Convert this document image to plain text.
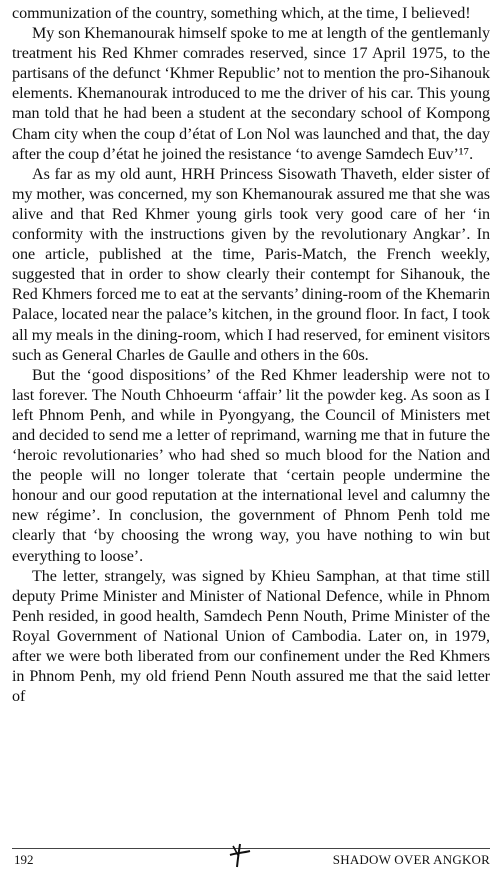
communization of the country, something which, at the time, I believed!

My son Khemanourak himself spoke to me at length of the gentlemanly treatment his Red Khmer comrades reserved, since 17 April 1975, to the partisans of the defunct ‘Khmer Republic’ not to mention the pro-Sihanouk elements. Khemanourak introduced to me the driver of his car. This young man told that he had been a student at the secondary school of Kompong Cham city when the coup d’état of Lon Nol was launched and that, the day after the coup d’état he joined the resistance ‘to avenge Samdech Euv’¹⁷.

As far as my old aunt, HRH Princess Sisowath Thaveth, elder sister of my mother, was concerned, my son Khemanourak assured me that she was alive and that Red Khmer young girls took very good care of her ‘in conformity with the instructions given by the revolutionary Angkar’. In one article, published at the time, Paris-Match, the French weekly, suggested that in order to show clearly their contempt for Sihanouk, the Red Khmers forced me to eat at the servants’ dining-room of the Khemarin Palace, located near the palace’s kitchen, in the ground floor. In fact, I took all my meals in the dining-room, which I had reserved, for eminent visitors such as General Charles de Gaulle and others in the 60s.

But the ‘good dispositions’ of the Red Khmer leadership were not to last forever. The Nouth Chhoeurm ‘affair’ lit the powder keg. As soon as I left Phnom Penh, and while in Pyongyang, the Council of Ministers met and decided to send me a letter of reprimand, warning me that in future the ‘heroic revolutionaries’ who had shed so much blood for the Nation and the people will no longer tolerate that ‘certain people undermine the honour and our good reputation at the international level and calumny the new régime’. In conclusion, the government of Phnom Penh told me clearly that ‘by choosing the wrong way, you have nothing to win but everything to loose’.

The letter, strangely, was signed by Khieu Samphan, at that time still deputy Prime Minister and Minister of National Defence, while in Phnom Penh resided, in good health, Samdech Penn Nouth, Prime Minister of the Royal Government of National Union of Cambodia. Later on, in 1979, after we were both liberated from our confinement under the Red Khmers in Phnom Penh, my old friend Penn Nouth assured me that the said letter of

192	SHADOW OVER ANGKOR
